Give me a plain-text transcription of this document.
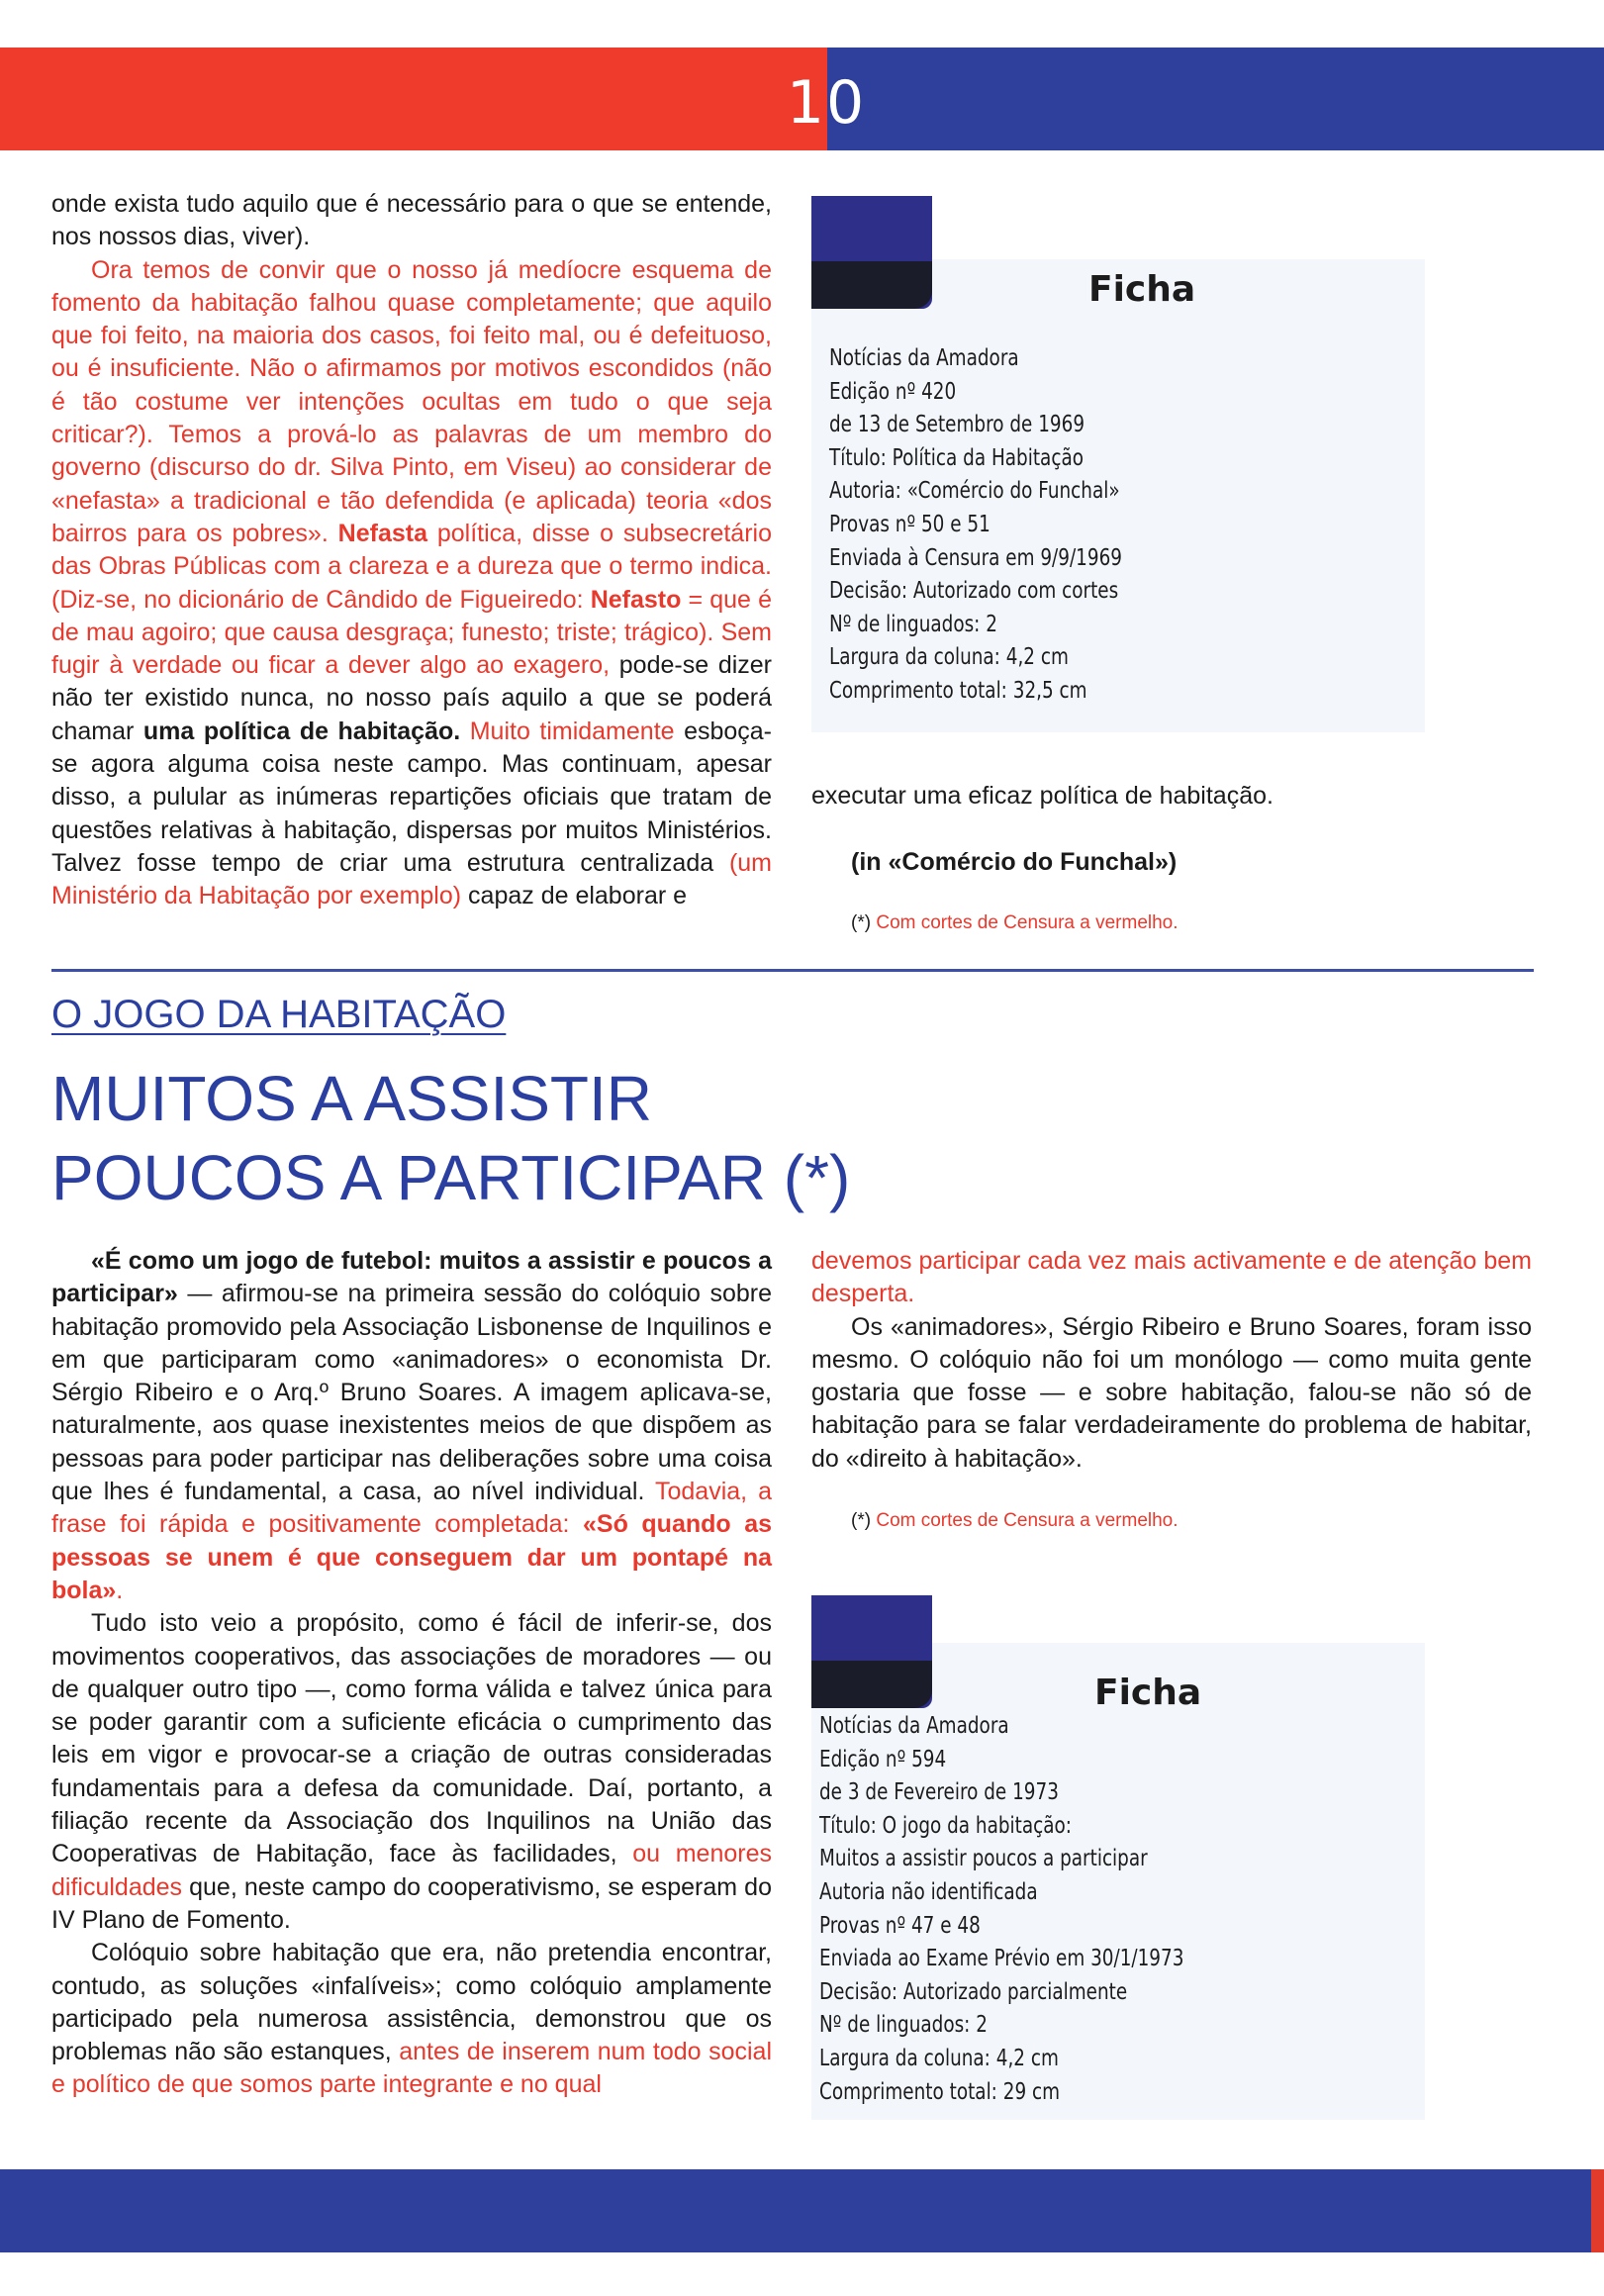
10

onde exista tudo aquilo que é necessário para o que se entende, nos nossos dias, viver).

Ora temos de convir que o nosso já medíocre esquema de fomento da habitação falhou quase completamente; que aquilo que foi feito, na maioria dos casos, foi feito mal, ou é defeituoso, ou é insuficiente. Não o afirmamos por motivos escondidos (não é tão costume ver intenções ocultas em tudo o que seja criticar?). Temos a prová-lo as palavras de um membro do governo (discurso do dr. Silva Pinto, em Viseu) ao considerar de «nefasta» a tradicional e tão defendida (e aplicada) teoria «dos bairros para os pobres». Nefasta política, disse o subsecretário das Obras Públicas com a clareza e a dureza que o termo indica. (Diz-se, no dicionário de Cândido de Figueiredo: Nefasto = que é de mau agoiro; que causa desgraça; funesto; triste; trágico). Sem fugir à verdade ou ficar a dever algo ao exagero, pode-se dizer não ter existido nunca, no nosso país aquilo a que se poderá chamar uma política de habitação. Muito timidamente esboça-se agora alguma coisa neste campo. Mas continuam, apesar disso, a pulular as inúmeras repartições oficiais que tratam de questões relativas à habitação, dispersas por muitos Ministérios. Talvez fosse tempo de criar uma estrutura centralizada (um Ministério da Habitação por exemplo) capaz de elaborar e

Ficha
Notícias da Amadora
Edição nº 420
de 13 de Setembro de 1969
Título: Política da Habitação
Autoria: «Comércio do Funchal»
Provas nº 50 e 51
Enviada à Censura em 9/9/1969
Decisão: Autorizado com cortes
Nº de linguados: 2
Largura da coluna: 4,2 cm
Comprimento total: 32,5 cm
executar uma eficaz política de habitação.
(in «Comércio do Funchal»)
(*) Com cortes de Censura a vermelho.
O JOGO DA HABITAÇÃO
MUITOS A ASSISTIR
POUCOS A PARTICIPAR (*)

«É como um jogo de futebol: muitos a assistir e poucos a participar» — afirmou-se na primeira sessão do colóquio sobre habitação promovido pela Associação Lisbonense de Inquilinos e em que participaram como «animadores» o economista Dr. Sérgio Ribeiro e o Arq.º Bruno Soares. A imagem aplicava-se, naturalmente, aos quase inexistentes meios de que dispõem as pessoas para poder participar nas deliberações sobre uma coisa que lhes é fundamental, a casa, ao nível individual. Todavia, a frase foi rápida e positivamente completada: «Só quando as pessoas se unem é que conseguem dar um pontapé na bola».

Tudo isto veio a propósito, como é fácil de inferir-se, dos movimentos cooperativos, das associações de moradores — ou de qualquer outro tipo —, como forma válida e talvez única para se poder garantir com a suficiente eficácia o cumprimento das leis em vigor e provocar-se a criação de outras consideradas fundamentais para a defesa da comunidade. Daí, portanto, a filiação recente da Associação dos Inquilinos na União das Cooperativas de Habitação, face às facilidades, ou menores dificuldades que, neste campo do cooperativismo, se esperam do IV Plano de Fomento.

Colóquio sobre habitação que era, não pretendia encontrar, contudo, as soluções «infalíveis»; como colóquio amplamente participado pela numerosa assistência, demonstrou que os problemas não são estanques, antes de inserem num todo social e político de que somos parte integrante e no qual

devemos participar cada vez mais activamente e de atenção bem desperta.

Os «animadores», Sérgio Ribeiro e Bruno Soares, foram isso mesmo. O colóquio não foi um monólogo — como muita gente gostaria que fosse — e sobre habitação, falou-se não só de habitação para se falar verdadeiramente do problema de habitar, do «direito à habitação».

(*) Com cortes de Censura a vermelho.
Ficha
Notícias da Amadora
Edição nº 594
de 3 de Fevereiro de 1973
Título: O jogo da habitação:
Muitos a assistir poucos a participar
Autoria não identificada
Provas nº 47 e 48
Enviada ao Exame Prévio em 30/1/1973
Decisão: Autorizado parcialmente
Nº de linguados: 2
Largura da coluna: 4,2 cm
Comprimento total: 29 cm
